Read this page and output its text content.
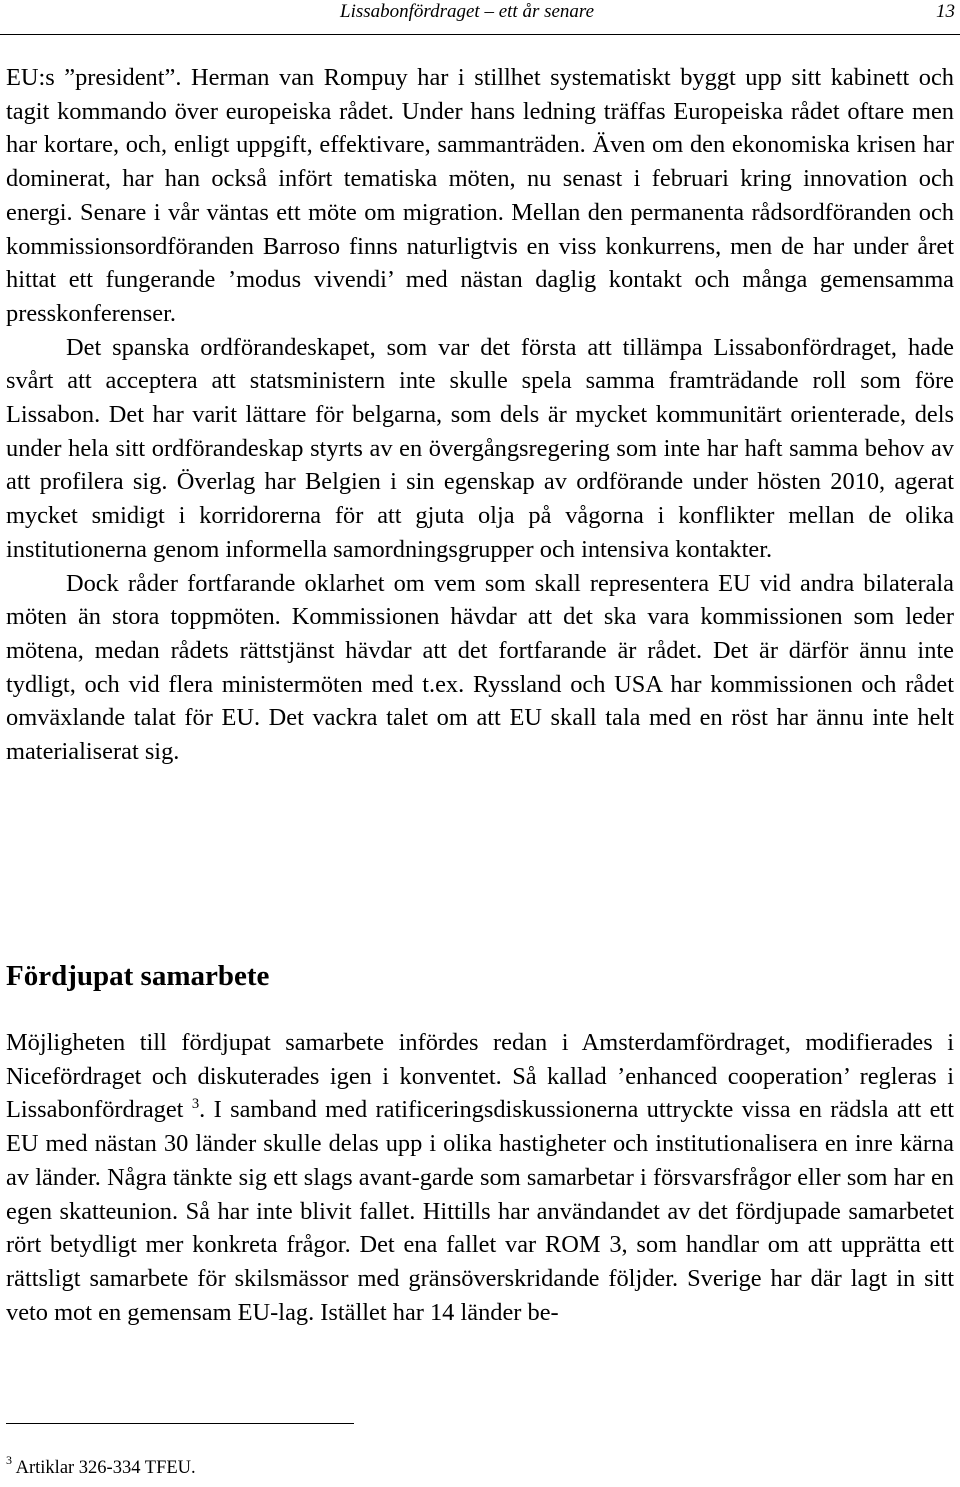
Lissabonfördraget – ett år senare	13

EU:s ”president”. Herman van Rompuy har i stillhet systematiskt byggt upp sitt kabinett och tagit kommando över europeiska rådet. Under hans ledning träffas Europeiska rådet oftare men har kortare, och, enligt uppgift, effektivare, sammanträden. Även om den ekonomiska krisen har dominerat, har han också infört tematiska möten, nu senast i februari kring innovation och energi. Senare i vår väntas ett möte om migration. Mellan den permanenta rådsordföranden och kommissionsordföranden Barroso finns naturligtvis en viss konkurrens, men de har under året hittat ett fungerande ’modus vivendi’ med nästan daglig kontakt och många gemensamma presskonferenser.

Det spanska ordförandeskapet, som var det första att tillämpa Lissabonfördraget, hade svårt att acceptera att statsministern inte skulle spela samma framträdande roll som före Lissabon. Det har varit lättare för belgarna, som dels är mycket kommunitärt orienterade, dels under hela sitt ordförandeskap styrts av en övergångsregering som inte har haft samma behov av att profilera sig. Överlag har Belgien i sin egenskap av ordförande under hösten 2010, agerat mycket smidigt i korridorerna för att gjuta olja på vågorna i konflikter mellan de olika institutionerna genom informella samordningsgrupper och intensiva kontakter.

Dock råder fortfarande oklarhet om vem som skall representera EU vid andra bilaterala möten än stora toppmöten. Kommissionen hävdar att det ska vara kommissionen som leder mötena, medan rådets rättstjänst hävdar att det fortfarande är rådet. Det är därför ännu inte tydligt, och vid flera ministermöten med t.ex. Ryssland och USA har kommissionen och rådet omväxlande talat för EU. Det vackra talet om att EU skall tala med en röst har ännu inte helt materialiserat sig.

Fördjupat samarbete

Möjligheten till fördjupat samarbete infördes redan i Amsterdamfördraget, modifierades i Nicefördraget och diskuterades igen i konventet. Så kallad ’enhanced cooperation’ regleras i Lissabonfördraget $^3$. I samband med ratificeringsdiskussionerna uttryckte vissa en rädsla att ett EU med nästan 30 länder skulle delas upp i olika hastigheter och institutionalisera en inre kärna av länder. Några tänkte sig ett slags avant-garde som samarbetar i försvarsfrågor eller som har en egen skatteunion. Så har inte blivit fallet. Hittills har användandet av det fördjupade samarbetet rört betydligt mer konkreta frågor. Det ena fallet var ROM 3, som handlar om att upprätta ett rättsligt samarbete för skilsmässor med gränsöverskridande följder. Sverige har där lagt in sitt veto mot en gemensam EU-lag. Istället har 14 länder be-

$^3$ Artiklar 326-334 TFEU.
